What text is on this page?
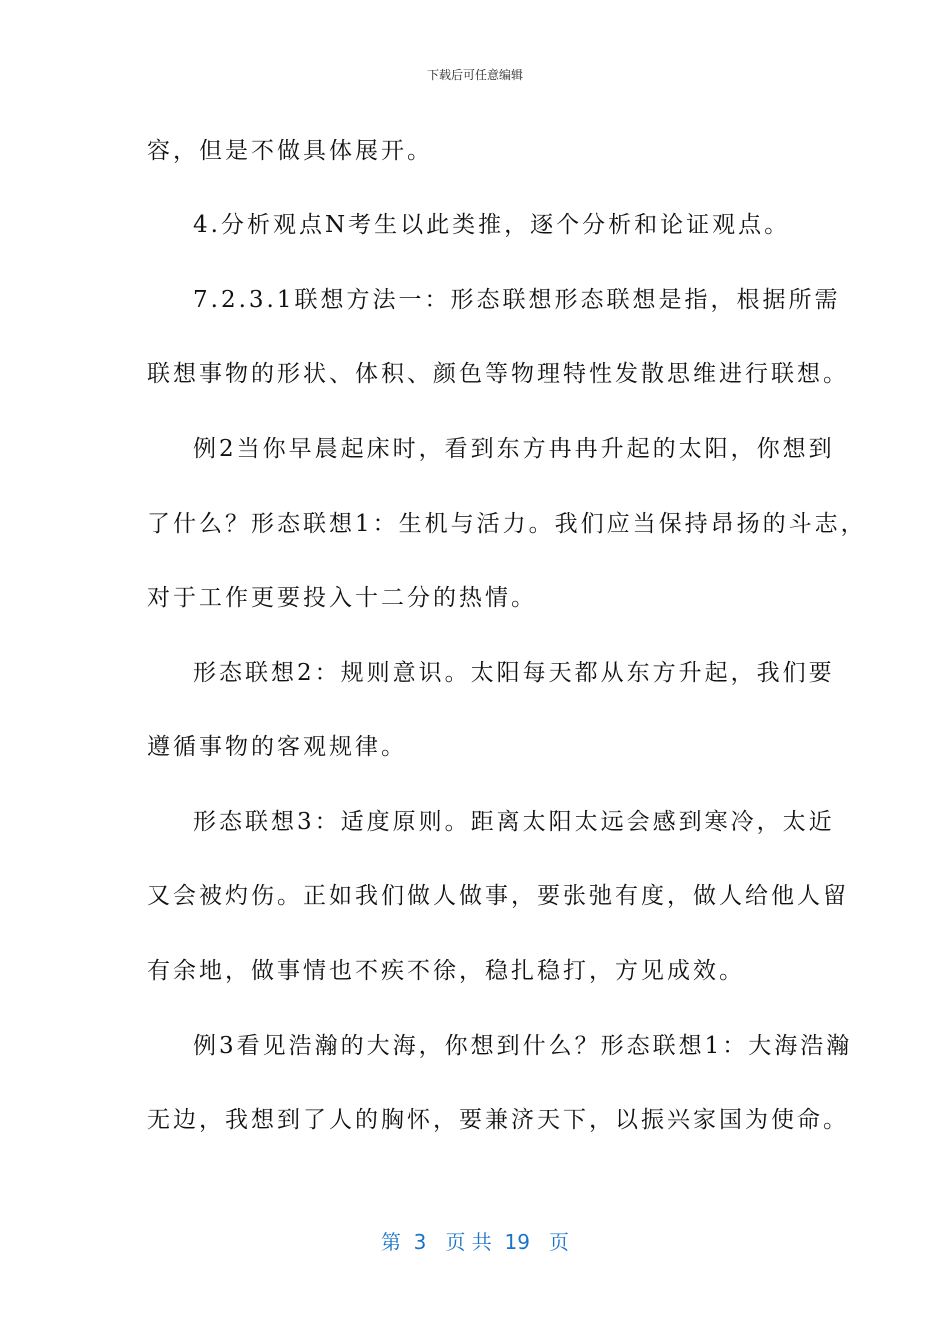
下载后可任意编辑
容，但是不做具体展开。
4.分析观点N考生以此类推，逐个分析和论证观点。
7.2.3.1联想方法一：形态联想形态联想是指，根据所需
联想事物的形状、体积、颜色等物理特性发散思维进行联想。
例2当你早晨起床时，看到东方冉冉升起的太阳，你想到
了什么？形态联想1：生机与活力。我们应当保持昂扬的斗志，
对于工作更要投入十二分的热情。
形态联想2：规则意识。太阳每天都从东方升起，我们要
遵循事物的客观规律。
形态联想3：适度原则。距离太阳太远会感到寒冷，太近
又会被灼伤。正如我们做人做事，要张弛有度，做人给他人留
有余地，做事情也不疾不徐，稳扎稳打，方见成效。
例3看见浩瀚的大海，你想到什么？形态联想1：大海浩瀚
无边，我想到了人的胸怀，要兼济天下，以振兴家国为使命。
第  3   页 共  19   页
